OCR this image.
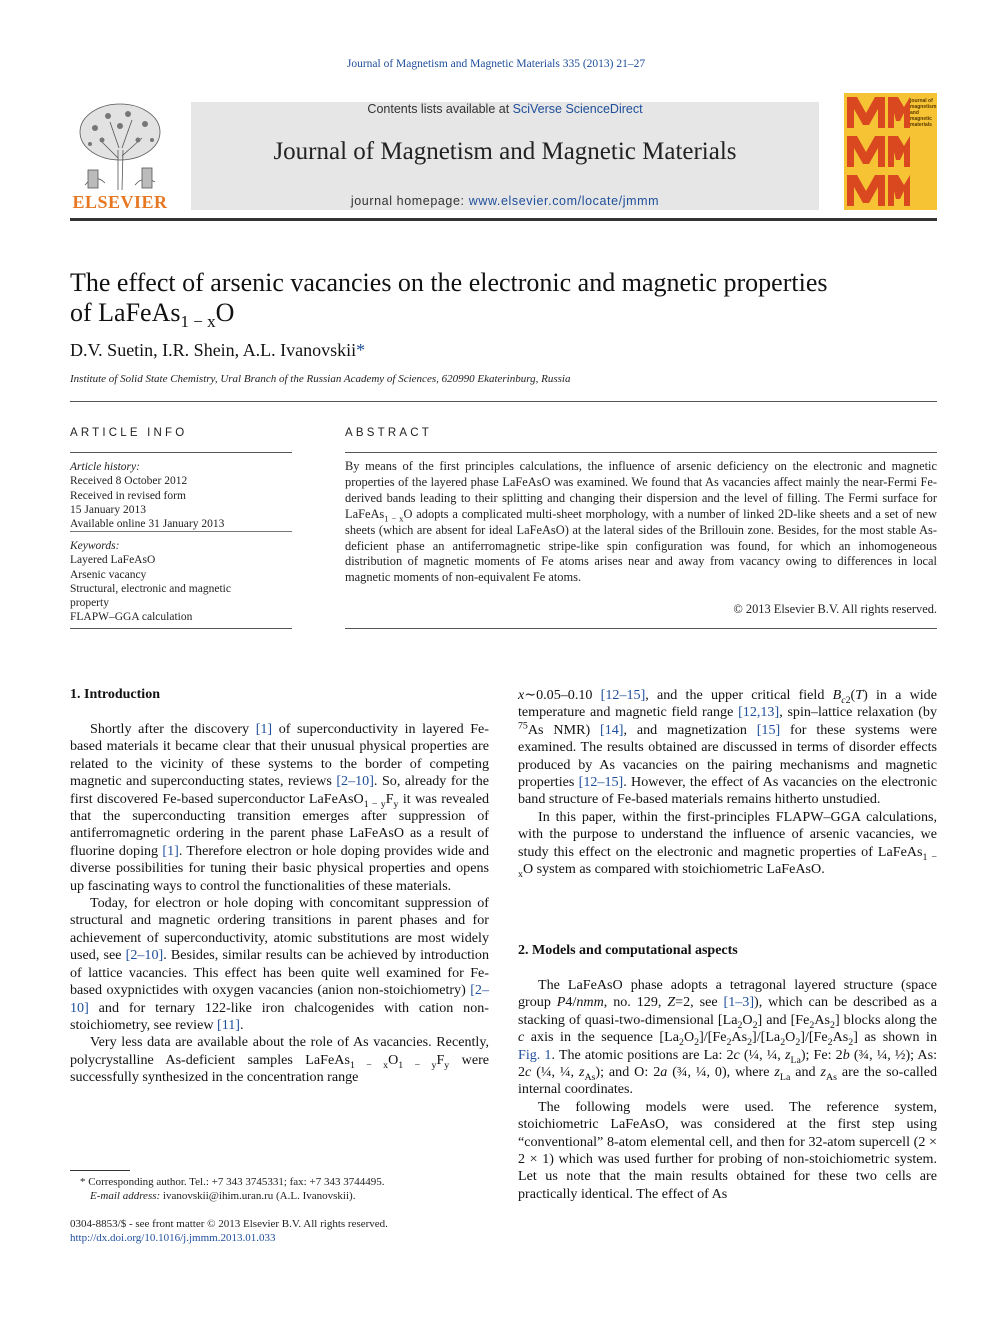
Journal of Magnetism and Magnetic Materials 335 (2013) 21–27
ELSEVIER
Contents lists available at SciVerse ScienceDirect
Journal of Magnetism and Magnetic Materials
journal homepage: www.elsevier.com/locate/jmmm
journal of magnetism and magnetic materials
The effect of arsenic vacancies on the electronic and magnetic properties
of LaFeAs$_{1 - x}$O
D.V. Suetin, I.R. Shein, A.L. Ivanovskii*
Institute of Solid State Chemistry, Ural Branch of the Russian Academy of Sciences, 620990 Ekaterinburg, Russia
ARTICLE INFO
Article history:
Received 8 October 2012
Received in revised form
15 January 2013
Available online 31 January 2013
Keywords:
Layered LaFeAsO
Arsenic vacancy
Structural, electronic and magnetic
property
FLAPW–GGA calculation
ABSTRACT
By means of the first principles calculations, the influence of arsenic deficiency on the electronic and magnetic properties of the layered phase LaFeAsO was examined. We found that As vacancies affect mainly the near-Fermi Fe-derived bands leading to their splitting and changing their dispersion and the level of filling. The Fermi surface for LaFeAs$_{1 - x}$O adopts a complicated multi-sheet morphology, with a number of linked 2D-like sheets and a set of new sheets (which are absent for ideal LaFeAsO) at the lateral sides of the Brillouin zone. Besides, for the most stable As-deficient phase an antiferromagnetic stripe-like spin configuration was found, for which an inhomogeneous distribution of magnetic moments of Fe atoms arises near and away from vacancy owing to differences in local magnetic moments of non-equivalent Fe atoms.
© 2013 Elsevier B.V. All rights reserved.
1. Introduction

Shortly after the discovery [1] of superconductivity in layered Fe-based materials it became clear that their unusual physical properties are related to the vicinity of these systems to the border of competing magnetic and superconducting states, reviews [2–10]. So, already for the first discovered Fe-based superconductor $LaFeAsO_{1 - y}F_y$ it was revealed that the superconducting transition emerges after suppression of antiferromagnetic ordering in the parent phase LaFeAsO as a result of fluorine doping [1]. Therefore electron or hole doping provides wide and diverse possibilities for tuning their basic physical properties and opens up fascinating ways to control the functionalities of these materials.

Today, for electron or hole doping with concomitant suppression of structural and magnetic ordering transitions in parent phases and for achievement of superconductivity, atomic substitutions are most widely used, see [2–10]. Besides, similar results can be achieved by introduction of lattice vacancies. This effect has been quite well examined for Fe-based oxypnictides with oxygen vacancies (anion non-stoichiometry) [2–10] and for ternary 122-like iron chalcogenides with cation non-stoichiometry, see review [11].

Very less data are available about the role of As vacancies. Recently, polycrystalline As-deficient samples $LaFeAs_{1 - x}O_{1 - y}F_y$ were successfully synthesized in the concentration range

* Corresponding author. Tel.: +7 343 3745331; fax: +7 343 3744495.
E-mail address: ivanovskii@ihim.uran.ru (A.L. Ivanovskii).
0304-8853/$ - see front matter © 2013 Elsevier B.V. All rights reserved.
http://dx.doi.org/10.1016/j.jmmm.2013.01.033

x∼0.05–0.10 [12–15], and the upper critical field $B_{c2}(T)$ in a wide temperature and magnetic field range [12,13], spin–lattice relaxation (by $^{75}$As NMR) [14], and magnetization [15] for these systems were examined. The results obtained are discussed in terms of disorder effects produced by As vacancies on the pairing mechanisms and magnetic properties [12–15]. However, the effect of As vacancies on the electronic band structure of Fe-based materials remains hitherto unstudied.

In this paper, within the first-principles FLAPW–GGA calculations, with the purpose to understand the influence of arsenic vacancies, we study this effect on the electronic and magnetic properties of LaFeAs$_{1 - x}$O system as compared with stoichiometric LaFeAsO.

2. Models and computational aspects

The LaFeAsO phase adopts a tetragonal layered structure (space group P4/nmm, no. 129, Z=2, see [1–3]), which can be described as a stacking of quasi-two-dimensional $[La_2O_2]$ and $[Fe_2As_2]$ blocks along the c axis in the sequence $[La_2O_2]/[Fe_2As_2]/[La_2O_2]/[Fe_2As_2]$ as shown in Fig. 1. The atomic positions are La: 2c (¼, ¼, $z_{La}$); Fe: 2b (¾, ¼, ½); As: 2c (¼, ¼, $z_{As}$); and O: 2a (¾, ¼, 0), where $z_{La}$ and $z_{As}$ are the so-called internal coordinates.

The following models were used. The reference system, stoichiometric LaFeAsO, was considered at the first step using “conventional” 8-atom elemental cell, and then for 32-atom supercell (2 × 2 × 1) which was used further for probing of non-stoichiometric system. Let us note that the main results obtained for these two cells are practically identical. The effect of As
